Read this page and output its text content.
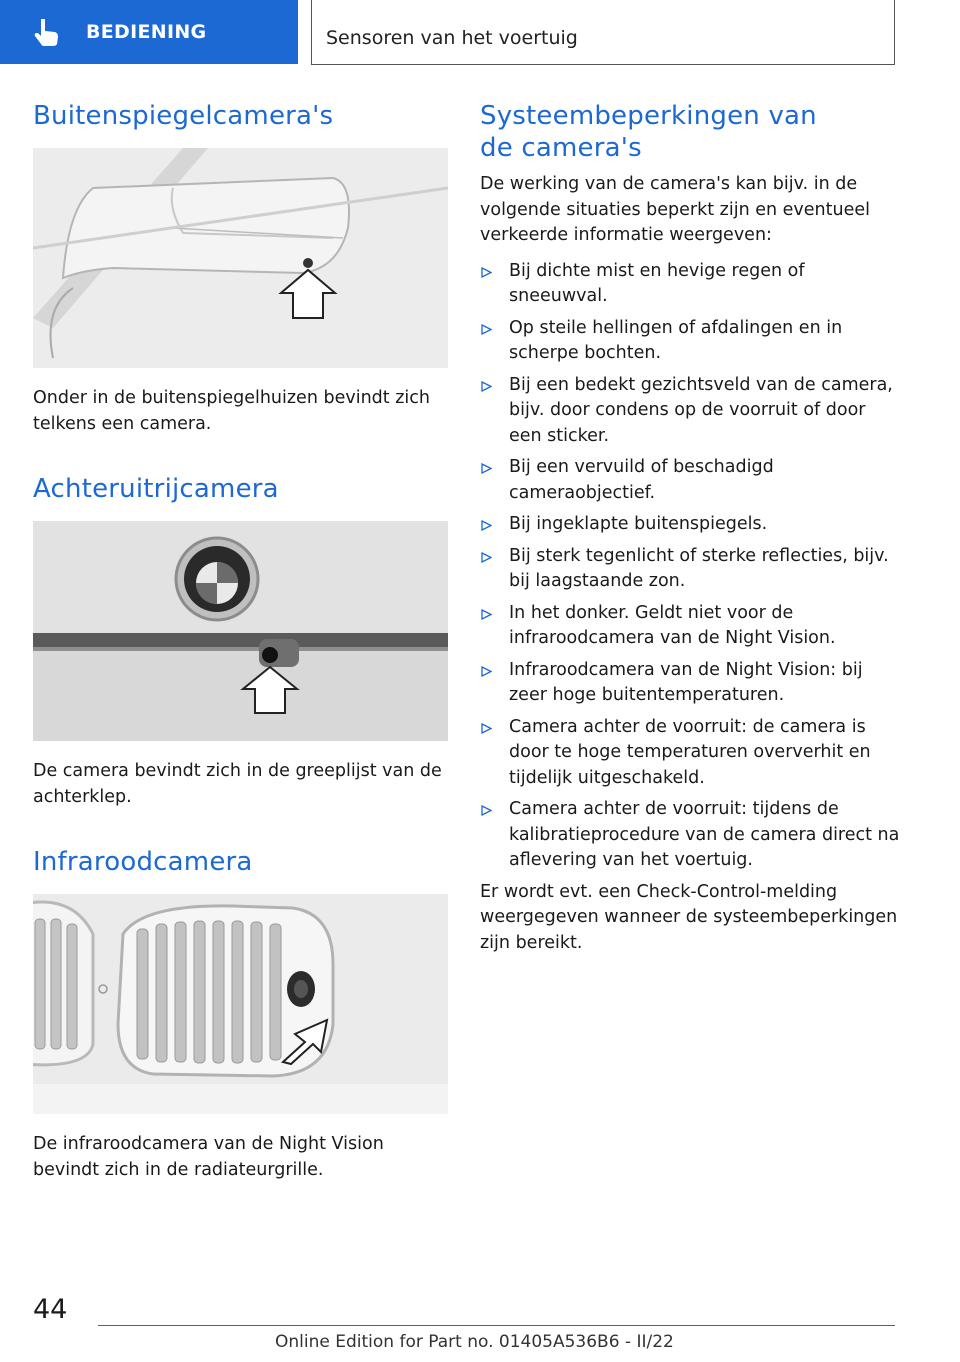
BEDIENING	Sensoren van het voertuig
Buitenspiegelcamera's

Onder in de buitenspiegelhuizen bevindt zich telkens een camera.

Achteruitrijcamera

De camera bevindt zich in de greeplijst van de achterklep.

Infraroodcamera

De infraroodcamera van de Night Vision bevindt zich in de radiateurgrille.

Systeembeperkingen van de camera's

De werking van de camera's kan bijv. in de volgende situaties beperkt zijn en eventueel verkeerde informatie weergeven:

Bij dichte mist en hevige regen of sneeuwval.
Op steile hellingen of afdalingen en in scherpe bochten.
Bij een bedekt gezichtsveld van de camera, bijv. door condens op de voorruit of door een sticker.
Bij een vervuild of beschadigd cameraobjectief.
Bij ingeklapte buitenspiegels.
Bij sterk tegenlicht of sterke reflecties, bijv. bij laagstaande zon.
In het donker. Geldt niet voor de infraroodcamera van de Night Vision.
Infraroodcamera van de Night Vision: bij zeer hoge buitentemperaturen.
Camera achter de voorruit: de camera is door te hoge temperaturen oververhit en tijdelijk uitgeschakeld.
Camera achter de voorruit: tijdens de kalibratieprocedure van de camera direct na aflevering van het voertuig.

Er wordt evt. een Check-Control-melding weergegeven wanneer de systeembeperkingen zijn bereikt.

44
Online Edition for Part no. 01405A536B6 - II/22
